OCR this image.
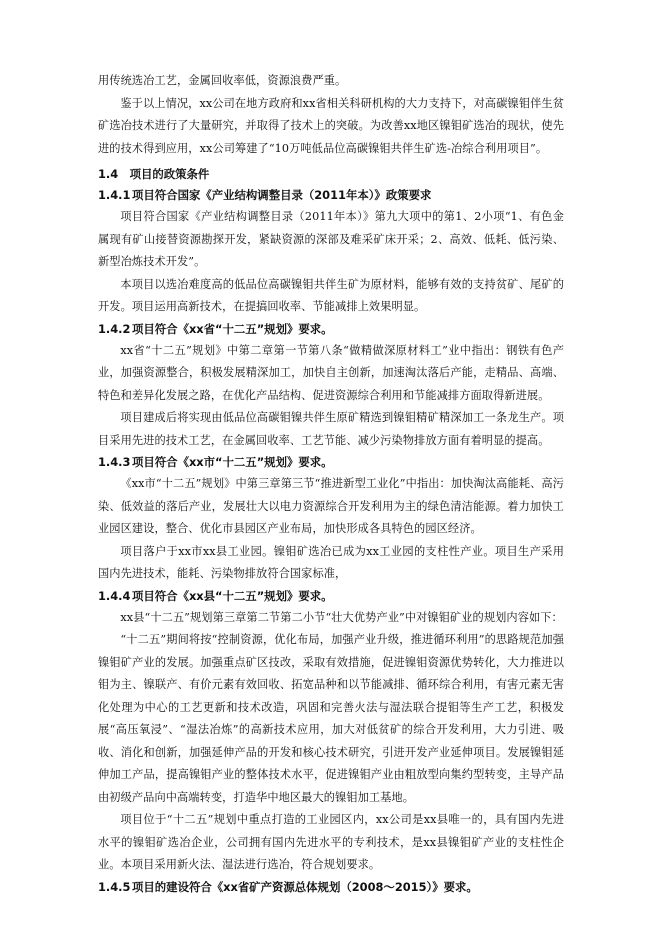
用传统选冶工艺，金属回收率低，资源浪费严重。

鉴于以上情况，xx公司在地方政府和xx省相关科研机构的大力支持下，对高碳镍钼伴生贫矿选冶技术进行了大量研究，并取得了技术上的突破。为改善xx地区镍钼矿选冶的现状，使先进的技术得到应用，xx公司筹建了“10万吨低品位高碳镍钼共伴生矿选-冶综合利用项目”。

1.4　项目的政策条件

1.4.1 项目符合国家《产业结构调整目录（2011年本）》政策要求

项目符合国家《产业结构调整目录（2011年本）》第九大项中的第1、2小项“1、有色金属现有矿山接替资源勘探开发，紧缺资源的深部及难采矿床开采；2、高效、低耗、低污染、新型冶炼技术开发”。

本项目以选冶难度高的低品位高碳镍钼共伴生矿为原材料，能够有效的支持贫矿、尾矿的开发。项目运用高新技术，在提搞回收率、节能减排上效果明显。

1.4.2 项目符合《xx省“十二五”规划》要求。

xx省“十二五”规划》中第二章第一节第八条“做精做深原材料工”业中指出：钢铁有色产业，加强资源整合，积极发展精深加工，加快自主创新，加速淘汰落后产能，走精品、高端、特色和差异化发展之路，在优化产品结构、促进资源综合利用和节能减排方面取得新进展。

项目建成后将实现由低品位高碳钼镍共伴生原矿精选到镍钼精矿精深加工一条龙生产。项目采用先进的技术工艺，在金属回收率、工艺节能、减少污染物排放方面有着明显的提高。

1.4.3 项目符合《xx市“十二五”规划》要求。

《xx市“十二五”规划》中第三章第三节“推进新型工业化”中指出：加快淘汰高能耗、高污染、低效益的落后产业，发展壮大以电力资源综合开发利用为主的绿色清洁能源。着力加快工业园区建设，整合、优化市县园区产业布局，加快形成各具特色的园区经济。

项目落户于xx市xx县工业园。镍钼矿选冶已成为xx工业园的支柱性产业。项目生产采用国内先进技术，能耗、污染物排放符合国家标准，

1.4.4 项目符合《xx县“十二五”规划》要求。

xx县“十二五”规划第三章第二节第二小节“壮大优势产业”中对镍钼矿业的规划内容如下：

“十二五”期间将按“控制资源，优化布局，加强产业升级，推进循环利用”的思路规范加强镍钼矿产业的发展。加强重点矿区技改，采取有效措施，促进镍钼资源优势转化，大力推进以钼为主、镍联产、有价元素有效回收、拓宽品种和以节能减排、循环综合利用，有害元素无害化处理为中心的工艺更新和技术改造，巩固和完善火法与湿法联合提钼等生产工艺，积极发展“高压氧浸”、“湿法冶炼”的高新技术应用，加大对低贫矿的综合开发利用，大力引进、吸收、消化和创新，加强延伸产品的开发和核心技术研究，引进开发产业延伸项目。发展镍钼延伸加工产品，提高镍钼产业的整体技术水平，促进镍钼产业由粗放型向集约型转变，主导产品由初级产品向中高端转变，打造华中地区最大的镍钼加工基地。

项目位于“十二五”规划中重点打造的工业园区内，xx公司是xx县唯一的，具有国内先进水平的镍钼矿选冶企业，公司拥有国内先进水平的专利技术，是xx县镍钼矿产业的支柱性企业。本项目采用新火法、湿法进行选冶，符合规划要求。

1.4.5 项目的建设符合《xx省矿产资源总体规划（2008～2015）》要求。
